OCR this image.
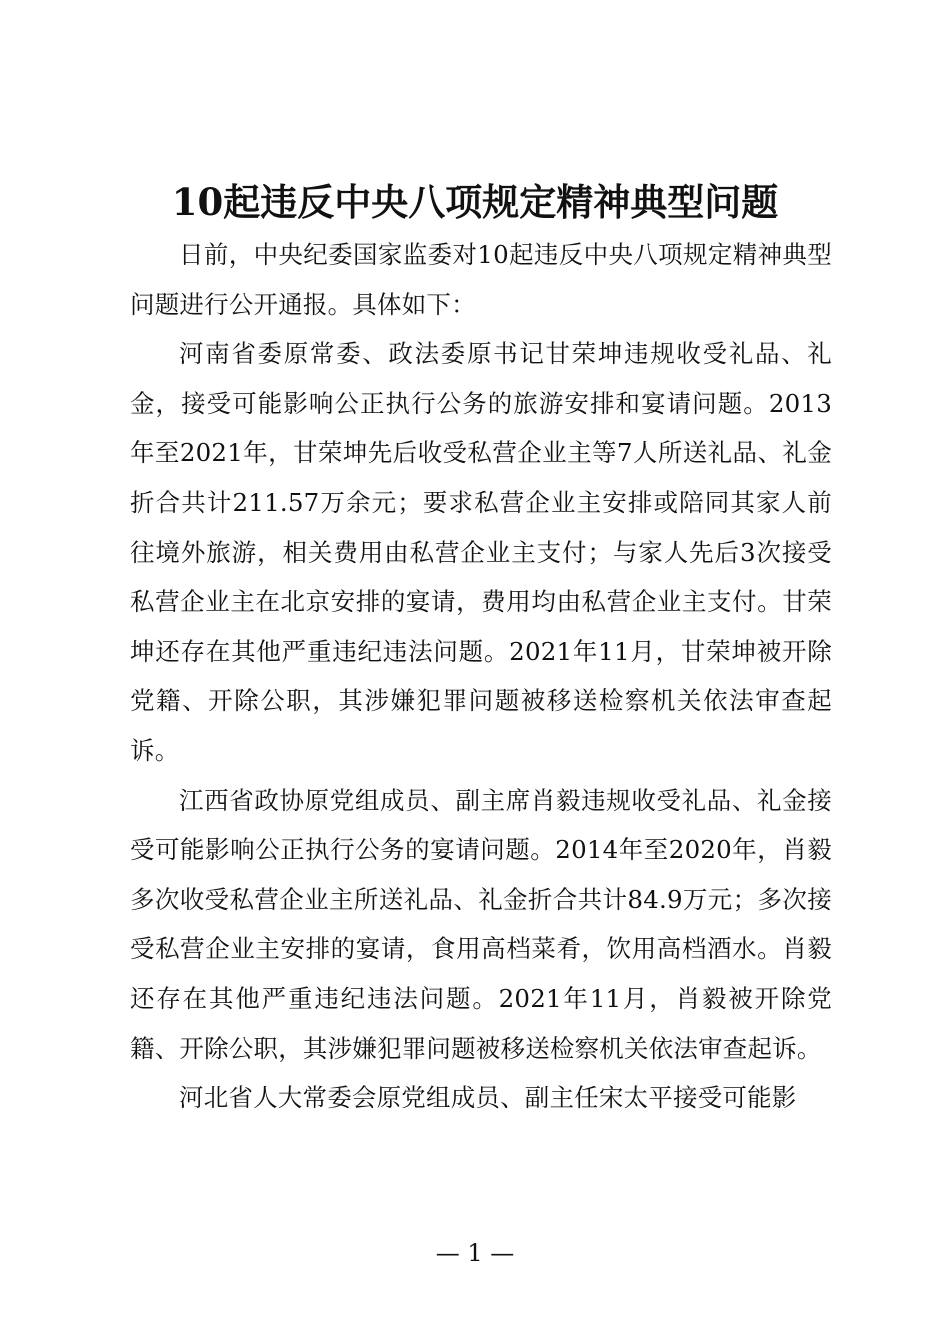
10起违反中央八项规定精神典型问题

日前，中央纪委国家监委对10起违反中央八项规定精神典型问题进行公开通报。具体如下：

河南省委原常委、政法委原书记甘荣坤违规收受礼品、礼金，接受可能影响公正执行公务的旅游安排和宴请问题。2013年至2021年，甘荣坤先后收受私营企业主等7人所送礼品、礼金折合共计211.57万余元；要求私营企业主安排或陪同其家人前往境外旅游，相关费用由私营企业主支付；与家人先后3次接受私营企业主在北京安排的宴请，费用均由私营企业主支付。甘荣坤还存在其他严重违纪违法问题。2021年11月，甘荣坤被开除党籍、开除公职，其涉嫌犯罪问题被移送检察机关依法审查起诉。

江西省政协原党组成员、副主席肖毅违规收受礼品、礼金接受可能影响公正执行公务的宴请问题。2014年至2020年，肖毅多次收受私营企业主所送礼品、礼金折合共计84.9万元；多次接受私营企业主安排的宴请，食用高档菜肴，饮用高档酒水。肖毅还存在其他严重违纪违法问题。2021年11月，肖毅被开除党籍、开除公职，其涉嫌犯罪问题被移送检察机关依法审查起诉。

河北省人大常委会原党组成员、副主任宋太平接受可能影

— 1 —
